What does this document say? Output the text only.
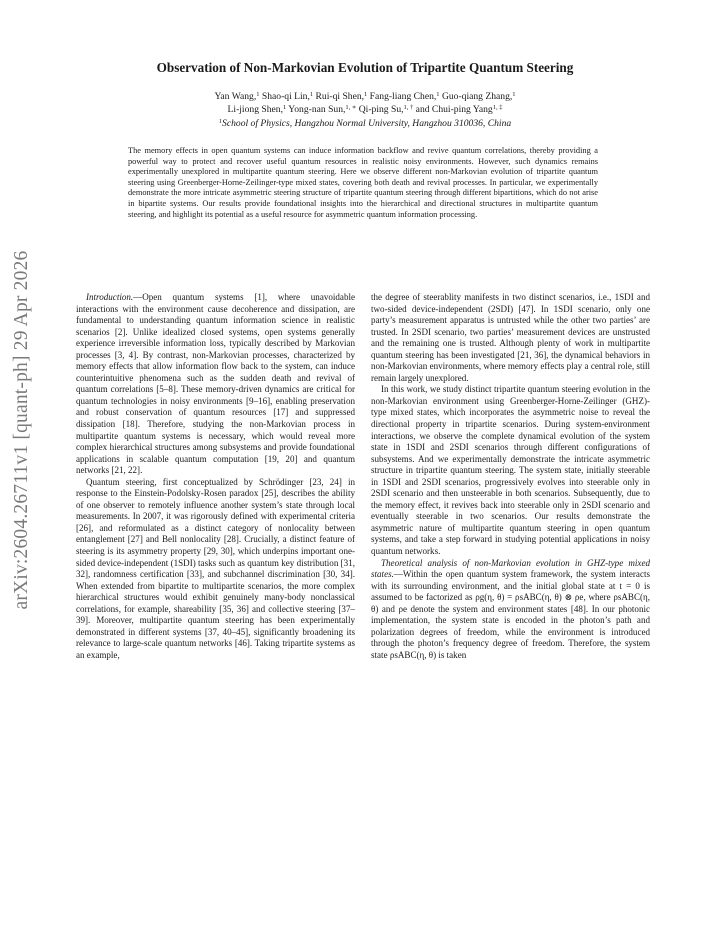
arXiv:2604.26711v1 [quant-ph] 29 Apr 2026
Observation of Non-Markovian Evolution of Tripartite Quantum Steering
Yan Wang,$^1$ Shao-qi Lin,$^1$ Rui-qi Shen,$^1$ Fang-liang Chen,$^1$ Guo-qiang Zhang,$^1$
Li-jiong Shen,$^1$ Yong-nan Sun,$^{1, ∗}$ Qi-ping Su,$^{1, \dagger}$ and Chui-ping Yang$^{1, \ddagger}$
$^1$School of Physics, Hangzhou Normal University, Hangzhou 310036, China

The memory effects in open quantum systems can induce information backflow and revive quantum correlations, thereby providing a powerful way to protect and recover useful quantum resources in realistic noisy environments. However, such dynamics remains experimentally unexplored in multipartite quantum steering. Here we observe different non-Markovian evolution of tripartite quantum steering using Greenberger-Horne-Zeilinger-type mixed states, covering both death and revival processes. In particular, we experimentally demonstrate the more intricate asymmetric steering structure of tripartite quantum steering through different bipartitions, which do not arise in bipartite systems. Our results provide foundational insights into the hierarchical and directional structures in multipartite quantum steering, and highlight its potential as a useful resource for asymmetric quantum information processing.

Introduction.—Open quantum systems [1], where unavoidable interactions with the environment cause decoherence and dissipation, are fundamental to understanding quantum information science in realistic scenarios [2]. Unlike idealized closed systems, open systems generally experience irreversible information loss, typically described by Markovian processes [3, 4]. By contrast, non-Markovian processes, characterized by memory effects that allow information flow back to the system, can induce counterintuitive phenomena such as the sudden death and revival of quantum correlations [5–8]. These memory-driven dynamics are critical for quantum technologies in noisy environments [9–16], enabling preservation and robust conservation of quantum resources [17] and suppressed dissipation [18]. Therefore, studying the non-Markovian process in multipartite quantum systems is necessary, which would reveal more complex hierarchical structures among subsystems and provide foundational applications in scalable quantum computation [19, 20] and quantum networks [21, 22].

Quantum steering, first conceptualized by Schrödinger [23, 24] in response to the Einstein-Podolsky-Rosen paradox [25], describes the ability of one observer to remotely influence another system’s state through local measurements. In 2007, it was rigorously defined with experimental criteria [26], and reformulated as a distinct category of nonlocality between entanglement [27] and Bell nonlocality [28]. Crucially, a distinct feature of steering is its asymmetry property [29, 30], which underpins important one-sided device-independent (1SDI) tasks such as quantum key distribution [31, 32], randomness certification [33], and subchannel discrimination [30, 34]. When extended from bipartite to multipartite scenarios, the more complex hierarchical structures would exhibit genuinely many-body nonclassical correlations, for example, shareability [35, 36] and collective steering [37–39]. Moreover, multipartite quantum steering has been experimentally demonstrated in different systems [37, 40–45], significantly broadening its relevance to large-scale quantum networks [46]. Taking tripartite systems as an example,

the degree of steerablity manifests in two distinct scenarios, i.e., 1SDI and two-sided device-independent (2SDI) [47]. In 1SDI scenario, only one party’s measurement apparatus is untrusted while the other two parties’ are trusted. In 2SDI scenario, two parties’ measurement devices are unstrusted and the remaining one is trusted. Although plenty of work in multipartite quantum steering has been investigated [21, 36], the dynamical behaviors in non-Markovian environments, where memory effects play a central role, still remain largely unexplored.

In this work, we study distinct tripartite quantum steering evolution in the non-Markovian environment using Greenberger-Horne-Zeilinger (GHZ)-type mixed states, which incorporates the asymmetric noise to reveal the directional property in tripartite scenarios. During system-environment interactions, we observe the complete dynamical evolution of the system state in 1SDI and 2SDI scenarios through different configurations of subsystems. And we experimentally demonstrate the intricate asymmetric structure in tripartite quantum steering. The system state, initially steerable in 1SDI and 2SDI scenarios, progressively evolves into steerable only in 2SDI scenario and then unsteerable in both scenarios. Subsequently, due to the memory effect, it revives back into steerable only in 2SDI scenario and eventually steerable in two scenarios. Our results demonstrate the asymmetric nature of multipartite quantum steering in open quantum systems, and take a step forward in studying potential applications in noisy quantum networks.

Theoretical analysis of non-Markovian evolution in GHZ-type mixed states.—Within the open quantum system framework, the system interacts with its surrounding environment, and the initial global state at t = 0 is assumed to be factorized as ρg(η, θ) = ρsABC(η, θ) ⊗ ρe, where ρsABC(η, θ) and ρe denote the system and environment states [48]. In our photonic implementation, the system state is encoded in the photon’s path and polarization degrees of freedom, while the environment is introduced through the photon’s frequency degree of freedom. Therefore, the system state ρsABC(η, θ) is taken
